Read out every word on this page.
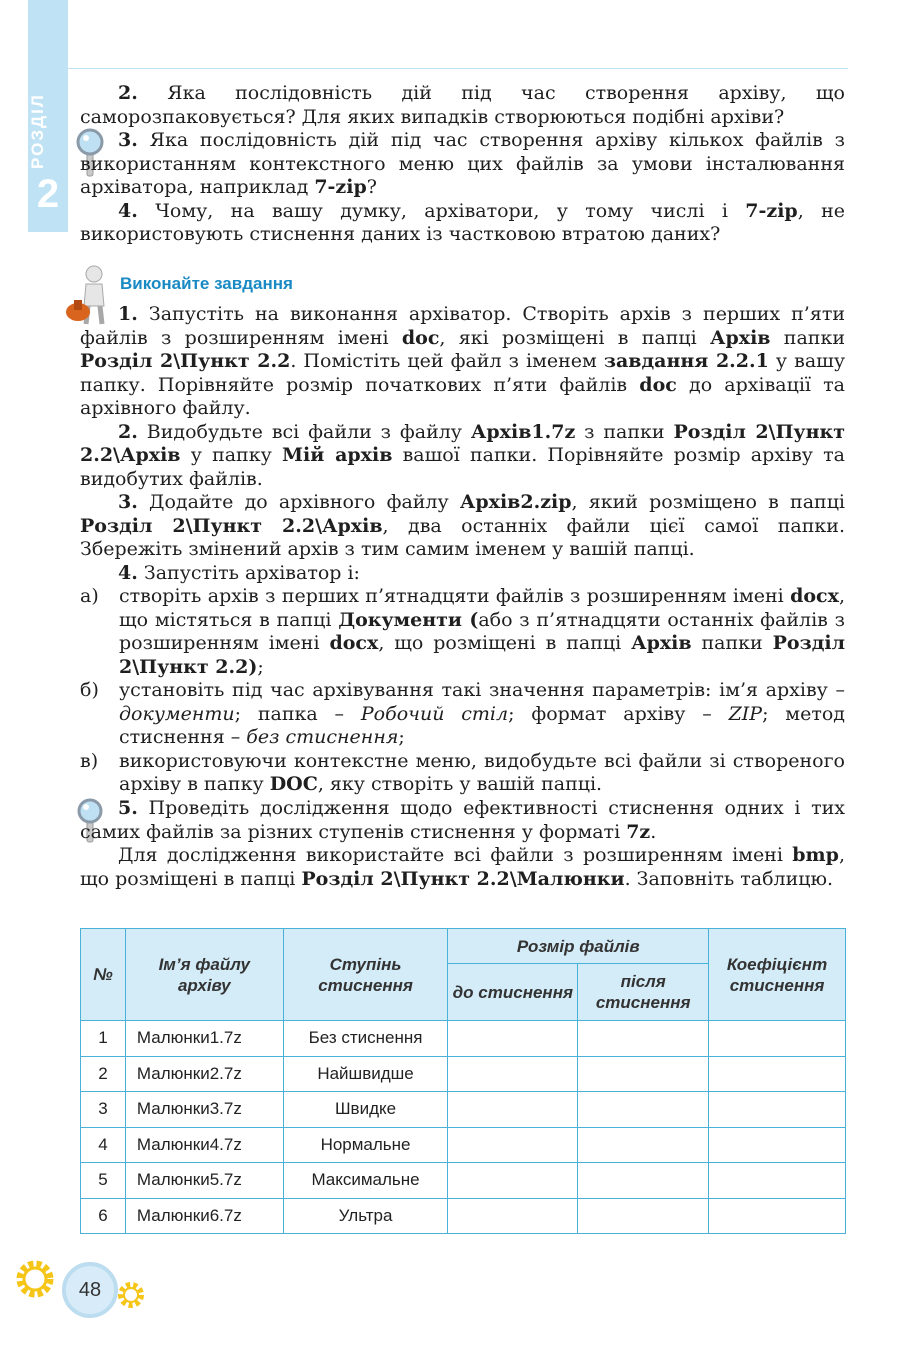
РОЗДІЛ
2

2. Яка послідовність дій під час створення архіву, що саморозпаковується? Для яких випадків створюються подібні архіви?

3. Яка послідовність дій під час створення архіву кількох файлів з використанням контекстного меню цих файлів за умови інсталювання архіватора, наприклад 7-zip?

4. Чому, на вашу думку, архіватори, у тому числі і 7-zip, не використовують стиснення даних із частковою втратою даних?

Виконайте завдання

1. Запустіть на виконання архіватор. Створіть архів з перших п’яти файлів з розширенням імені doc, які розміщені в папці Архів папки Розділ 2\Пункт 2.2. Помістіть цей файл з іменем завдання 2.2.1 у вашу папку. Порівняйте розмір початкових п’яти файлів doc до архівації та архівного файлу.

2. Видобудьте всі файли з файлу Архів1.7z з папки Розділ 2\Пункт 2.2\Архів у папку Мій архів вашої папки. Порівняйте розмір архіву та видобутих файлів.

3. Додайте до архівного файлу Архів2.zip, який розміщено в папці Розділ 2\Пункт 2.2\Архів, два останніх файли цієї самої папки. Збережіть змінений архів з тим самим іменем у вашій папці.

4. Запустіть архіватор і:

а)	створіть архів з перших п’ятнадцяти файлів з розширенням імені docx, що містяться в папці Документи (або з п’ятнадцяти останніх файлів з розширенням імені docx, що розміщені в папці Архів папки Розділ 2\Пункт 2.2);
б)	установіть під час архівування такі значення параметрів: ім’я архіву – документи; папка – Робочий стіл; формат архіву – ZIP; метод стиснення – без стиснення;
в)	використовуючи контекстне меню, видобудьте всі файли зі створеного архіву в папку DOC, яку створіть у вашій папці.

5. Проведіть дослідження щодо ефективності стиснення одних і тих самих файлів за різних ступенів стиснення у форматі 7z.

Для дослідження використайте всі файли з розширенням імені bmp, що розміщені в папці Розділ 2\Пункт 2.2\Малюнки. Заповніть таблицю.

№	Ім’я файлу архіву	Ступінь стиснення	Розмір файлів		Коефіцієнт стиснення
			до стиснення	після стиснення	
1	Малюнки1.7z	Без стиснення			
2	Малюнки2.7z	Найшвидше			
3	Малюнки3.7z	Швидке			
4	Малюнки4.7z	Нормальне			
5	Малюнки5.7z	Максимальне			
6	Малюнки6.7z	Ультра			
48
